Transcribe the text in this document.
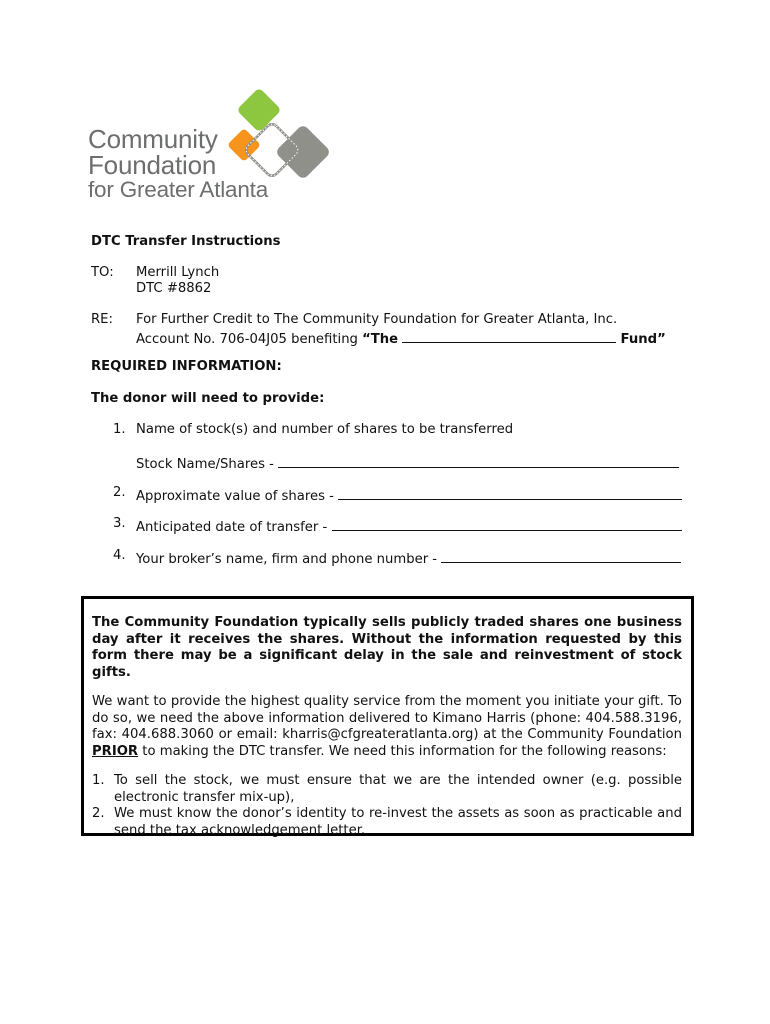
Community
Foundation
for Greater Atlanta
DTC Transfer Instructions
TO: Merrill Lynch
DTC #8862
RE: For Further Credit to The Community Foundation for Greater Atlanta, Inc.
Account No. 706-04J05 benefiting “The	Fund”
REQUIRED INFORMATION:
The donor will need to provide:
1. Name of stock(s) and number of shares to be transferred
Stock Name/Shares -
2. Approximate value of shares -
3. Anticipated date of transfer -
4. Your broker’s name, firm and phone number -

The Community Foundation typically sells publicly traded shares one business day after it receives the shares. Without the information requested by this form there may be a significant delay in the sale and reinvestment of stock gifts.

We want to provide the highest quality service from the moment you initiate your gift. To do so, we need the above information delivered to Kimano Harris (phone: 404.588.3196, fax: 404.688.3060 or email: kharris@cfgreateratlanta.org) at the Community Foundation PRIOR to making the DTC transfer. We need this information for the following reasons:

1. To sell the stock, we must ensure that we are the intended owner (e.g. possible electronic transfer mix-up),
2. We must know the donor’s identity to re-invest the assets as soon as practicable and send the tax acknowledgement letter.
